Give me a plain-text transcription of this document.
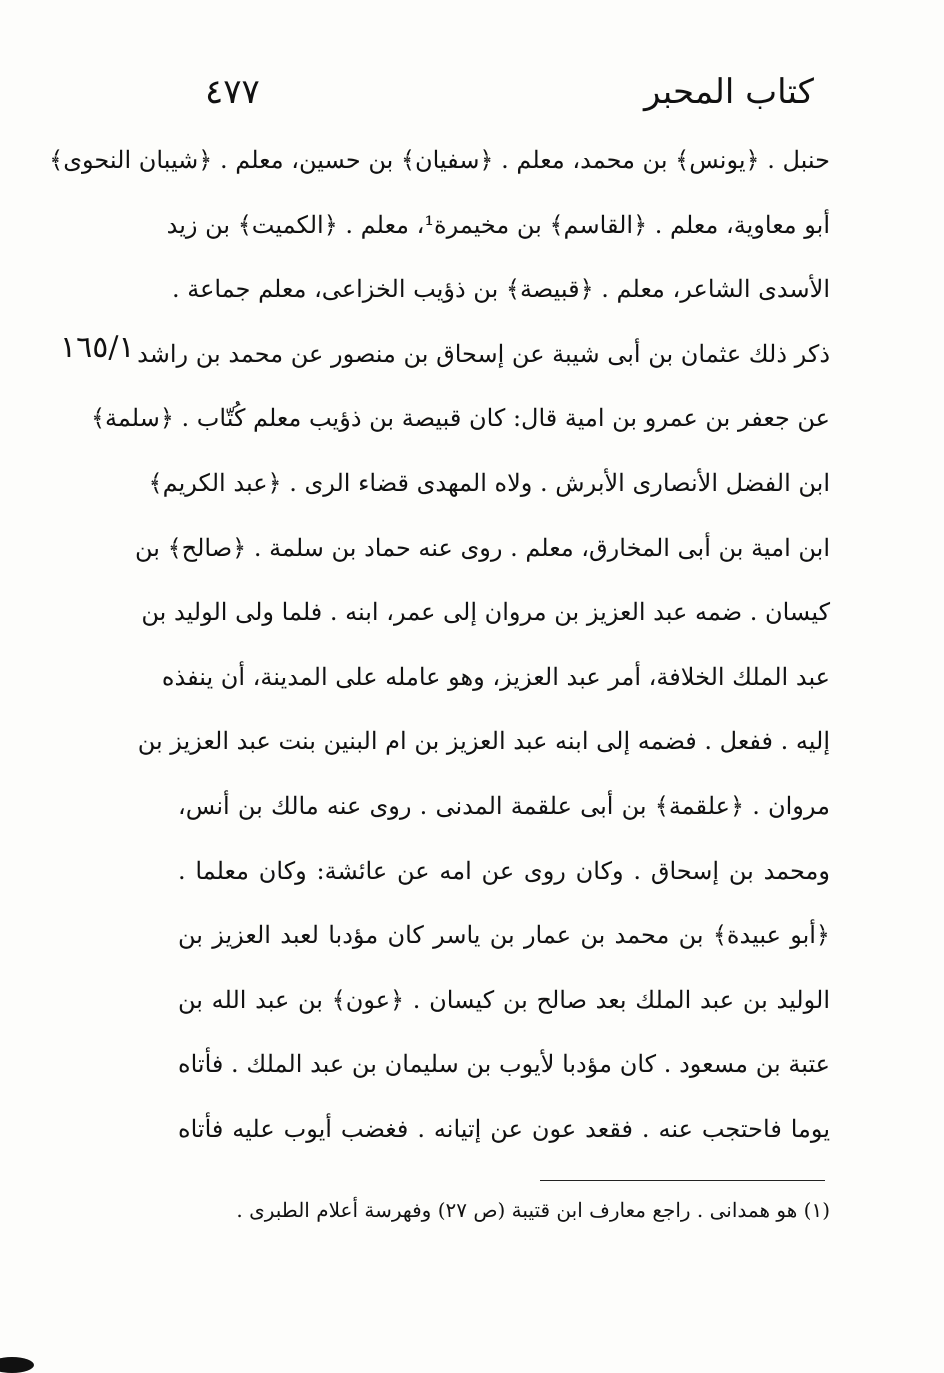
كتاب المحبر
٤٧٧
١٦٥/١
حنبل . ﴿يونس﴾ بن محمد، معلم . ﴿سفيان﴾ بن حسين، معلم . ﴿شيبان النحوى﴾
أبو معاوية، معلم . ﴿القاسم﴾ بن مخيمرة¹، معلم . ﴿الكميت﴾ بن زيد
الأسدى الشاعر، معلم . ﴿قبيصة﴾ بن ذؤيب الخزاعى، معلم جماعة .
ذكر ذلك عثمان بن أبى شيبة عن إسحاق بن منصور عن محمد بن راشد
عن جعفر بن عمرو بن امية قال: كان قبيصة بن ذؤيب معلم كُتّاب . ﴿سلمة﴾
ابن الفضل الأنصارى الأبرش . ولاه المهدى قضاء الرى . ﴿عبد الكريم﴾
ابن امية بن أبى المخارق، معلم . روى عنه حماد بن سلمة . ﴿صالح﴾ بن
كيسان . ضمه عبد العزيز بن مروان إلى عمر، ابنه . فلما ولى الوليد بن
عبد الملك الخلافة، أمر عبد العزيز، وهو عامله على المدينة، أن ينفذه
إليه . ففعل . فضمه إلى ابنه عبد العزيز بن ام البنين بنت عبد العزيز بن
مروان . ﴿علقمة﴾ بن أبى علقمة المدنى . روى عنه مالك بن أنس،
ومحمد بن إسحاق . وكان روى عن امه عن عائشة: وكان معلما .
﴿أبو عبيدة﴾ بن محمد بن عمار بن ياسر كان مؤدبا لعبد العزيز بن
الوليد بن عبد الملك بعد صالح بن كيسان . ﴿عون﴾ بن عبد الله بن
عتبة بن مسعود . كان مؤدبا لأيوب بن سليمان بن عبد الملك . فأتاه
يوما فاحتجب عنه . فقعد عون عن إتيانه . فغضب أيوب عليه فأتاه
(١) هو همدانى . راجع معارف ابن قتيبة (ص ٢٧) وفهرسة أعلام الطبرى .
